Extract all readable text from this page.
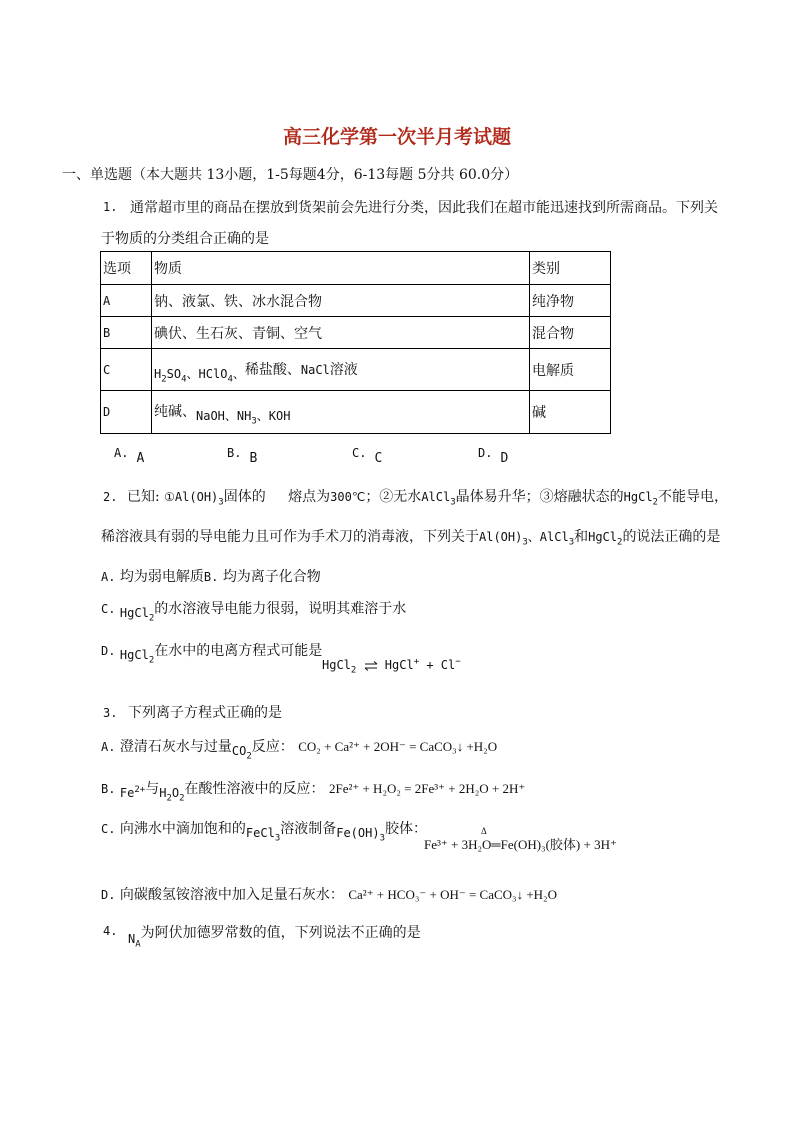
高三化学第一次半月考试题
一、单选题（本大题共 13小题，1-5每题4分，6-13每题 5分共 60.0分）
1. 通常超市里的商品在摆放到货架前会先进行分类，因此我们在超市能迅速找到所需商品。下列关
于物质的分类组合正确的是
选项	物质	类别
A	钠、液氯、铁、冰水混合物	纯净物
B	碘伏、生石灰、青铜、空气	混合物
C	$H_2SO_4$、HClO$_4$、稀盐酸、NaCl溶液	电解质
D	纯碱、NaOH、$NH_3$、KOH	碱
A. A	B. B	C. C	D. D
2. 已知: $①Al(OH)_3$固体的 熔点为300℃；②无水AlCl$_3$晶体易升华；③熔融状态的HgCl$_2$不能导电，
稀溶液具有弱的导电能力且可作为手术刀的消毒液，下列关于$Al(OH)_3$、AlCl$_3$和HgCl$_2$的说法正确的是
A. 均为弱电解质B. 均为离子化合物
C. HgCl$_2$的水溶液导电能力很弱，说明其难溶于水
D. HgCl$_2$在水中的电离方程式可能是
HgCl$_2$ ⇌ HgCl+ + Cl−
3. 下列离子方程式正确的是
A. 澄清石灰水与过量$CO_2$反应： CO₂ + Ca²⁺ + 2OH⁻ = CaCO₃↓ +H₂O
B. $Fe^{2+}$与$H_2O_2$在酸性溶液中的反应： 2Fe²⁺ + H₂O₂ = 2Fe³⁺ + 2H₂O + 2H⁺
C. 向沸水中滴加饱和的FeCl$_3$溶液制备$Fe(OH)_3$胶体：	Δ
Fe³⁺ + 3H₂O═Fe(OH)₃(胶体) + 3H⁺
D. 向碳酸氢铵溶液中加入足量石灰水： Ca²⁺ + HCO₃⁻ + OH⁻ = CaCO₃↓ +H₂O
4.
$N_A$为阿伏加德罗常数的值，下列说法不正确的是
